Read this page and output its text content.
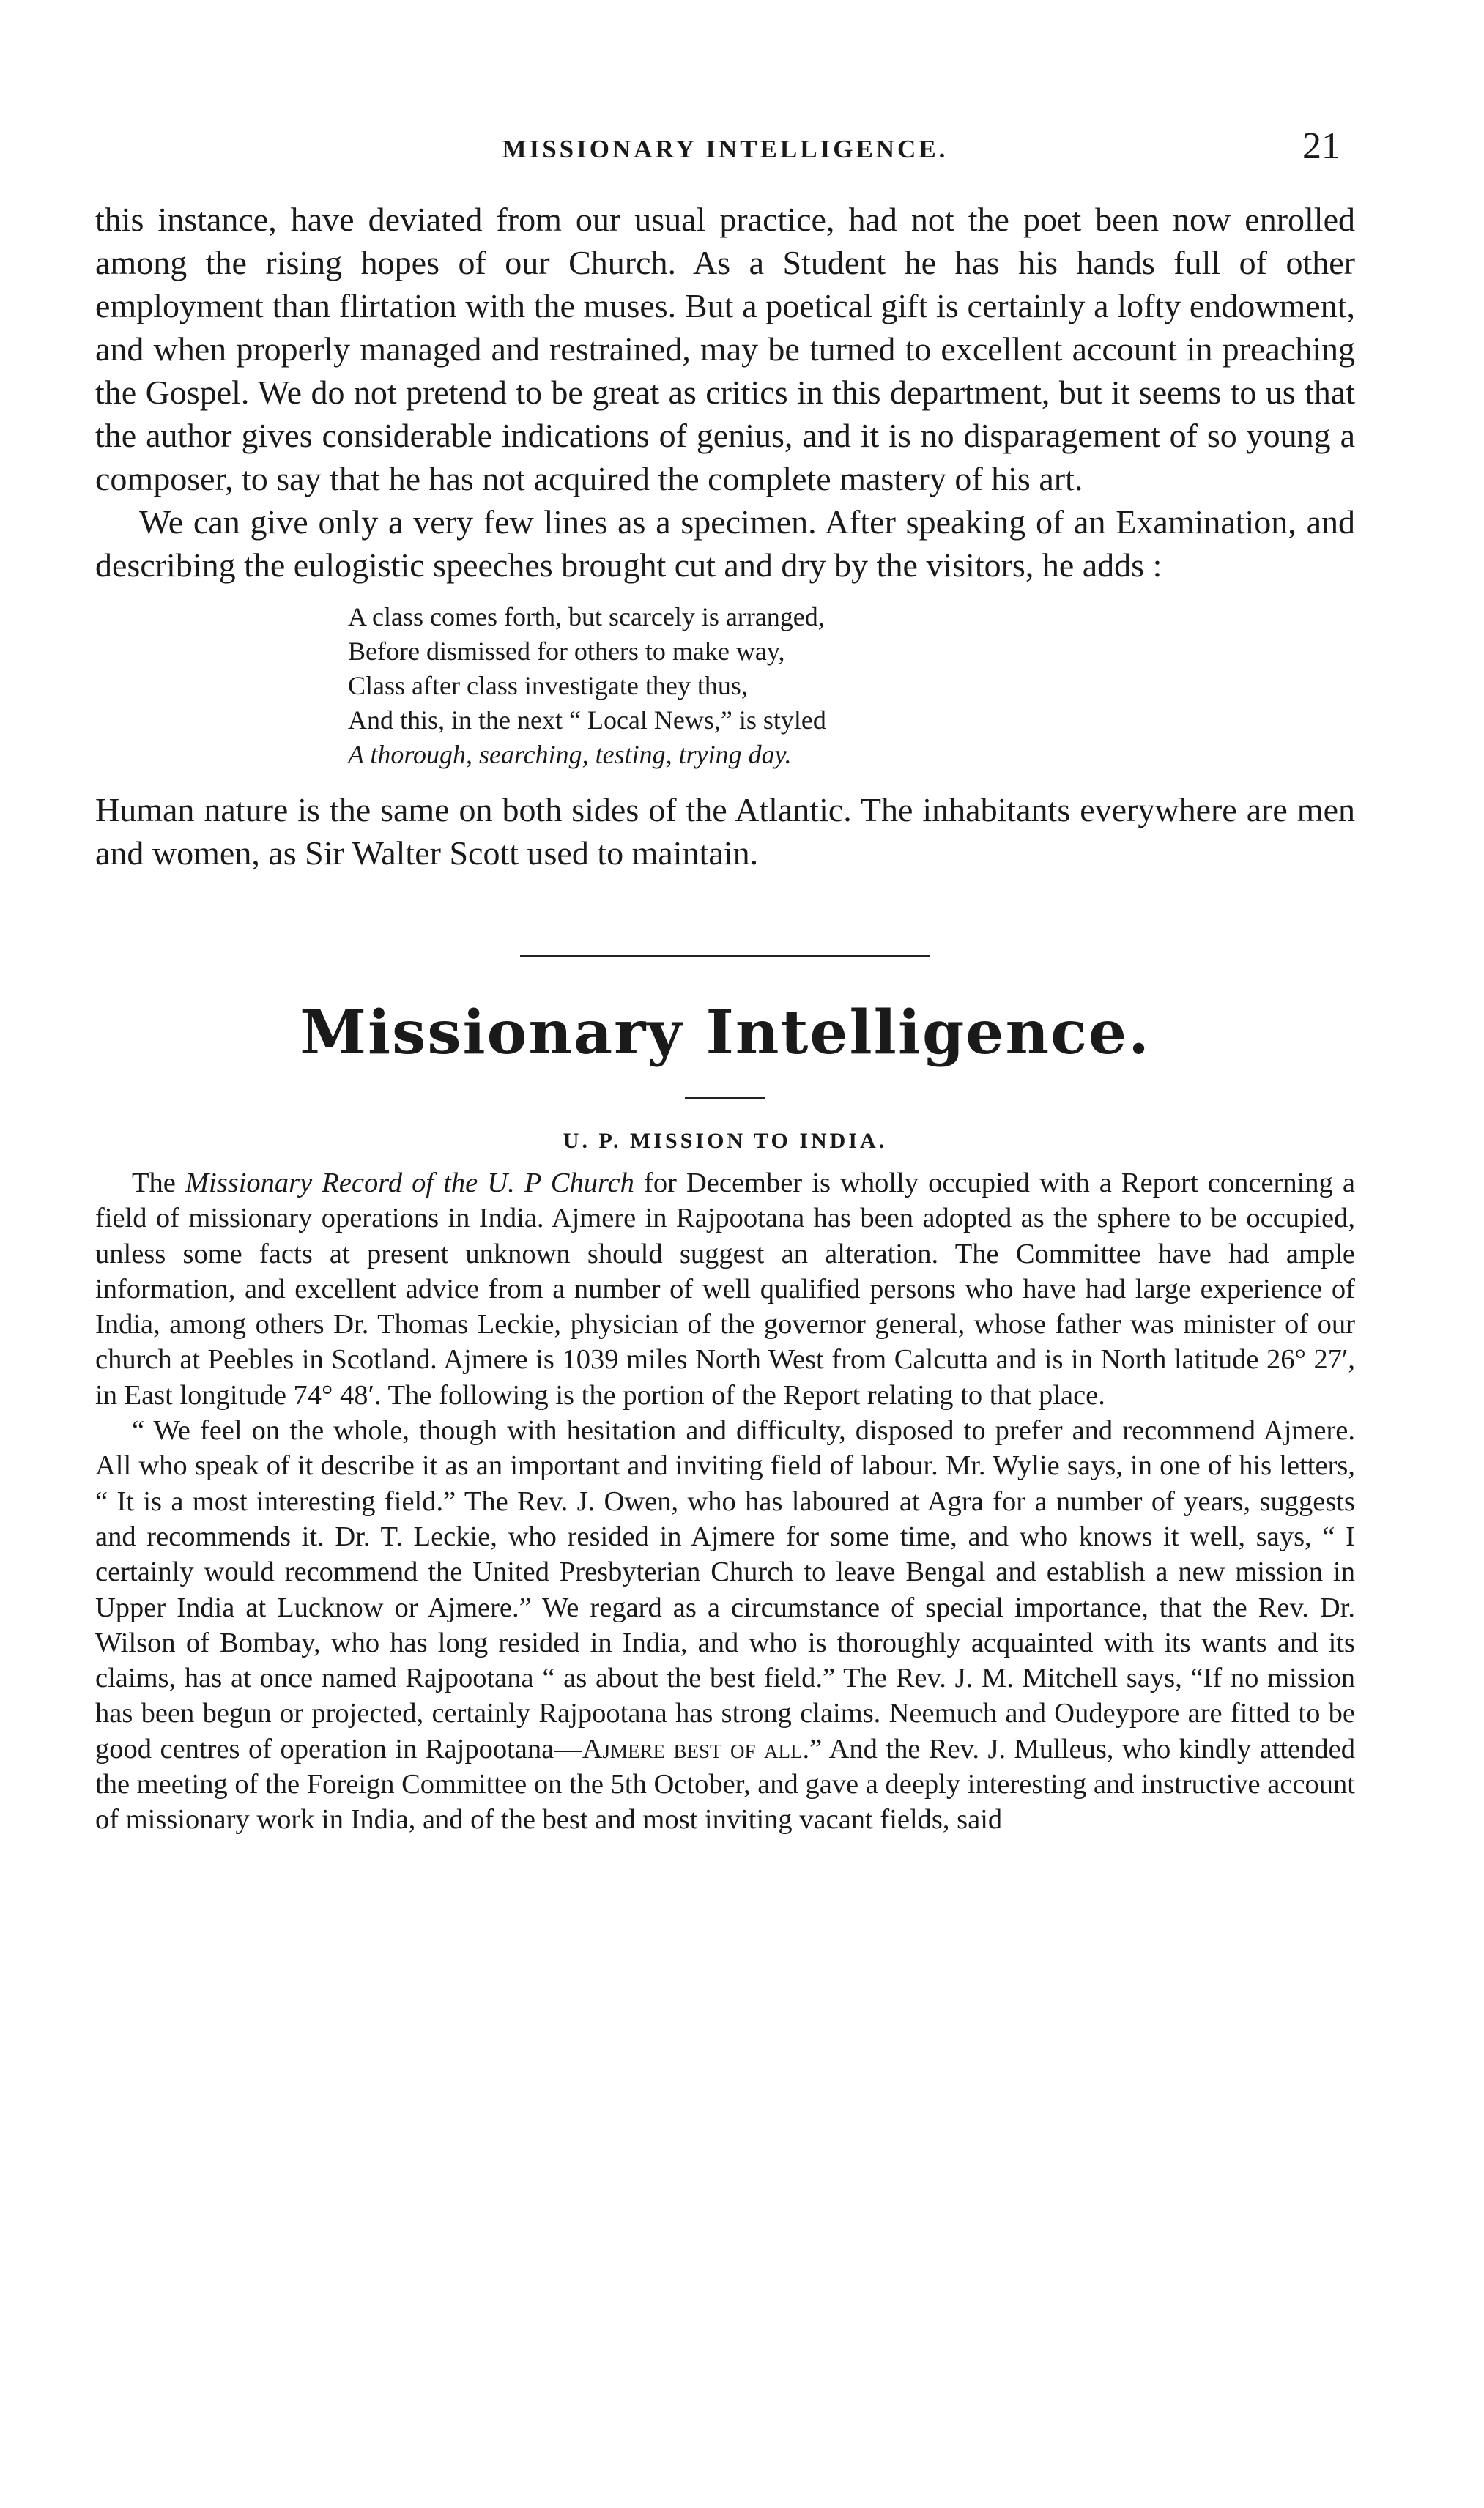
MISSIONARY INTELLIGENCE.	21

this instance, have deviated from our usual practice, had not the poet been now enrolled among the rising hopes of our Church. As a Student he has his hands full of other employment than flirtation with the muses. But a poetical gift is certainly a lofty endowment, and when properly managed and restrained, may be turned to excellent account in preaching the Gospel. We do not pretend to be great as critics in this department, but it seems to us that the author gives considerable indications of genius, and it is no disparagement of so young a composer, to say that he has not acquired the complete mastery of his art.

We can give only a very few lines as a specimen. After speaking of an Examination, and describing the eulogistic speeches brought cut and dry by the visitors, he adds :

A class comes forth, but scarcely is arranged,
Before dismissed for others to make way,
Class after class investigate they thus,
And this, in the next “ Local News,” is styled
A thorough, searching, testing, trying day.

Human nature is the same on both sides of the Atlantic. The inhabitants everywhere are men and women, as Sir Walter Scott used to maintain.

Missionary Intelligence.
U. P. MISSION TO INDIA.

The Missionary Record of the U. P Church for December is wholly occupied with a Report concerning a field of missionary operations in India. Ajmere in Rajpootana has been adopted as the sphere to be occupied, unless some facts at present unknown should suggest an alteration. The Committee have had ample information, and excellent advice from a number of well qualified persons who have had large experience of India, among others Dr. Thomas Leckie, physician of the governor general, whose father was minister of our church at Peebles in Scotland. Ajmere is 1039 miles North West from Calcutta and is in North latitude 26° 27′, in East longitude 74° 48′. The following is the portion of the Report relating to that place.

“ We feel on the whole, though with hesitation and difficulty, disposed to prefer and recommend Ajmere. All who speak of it describe it as an important and inviting field of labour. Mr. Wylie says, in one of his letters, “ It is a most interesting field.” The Rev. J. Owen, who has laboured at Agra for a number of years, suggests and recommends it. Dr. T. Leckie, who resided in Ajmere for some time, and who knows it well, says, “ I certainly would recommend the United Presbyterian Church to leave Bengal and establish a new mission in Upper India at Lucknow or Ajmere.” We regard as a circumstance of special importance, that the Rev. Dr. Wilson of Bombay, who has long resided in India, and who is thoroughly acquainted with its wants and its claims, has at once named Rajpootana “ as about the best field.” The Rev. J. M. Mitchell says, “If no mission has been begun or projected, certainly Rajpootana has strong claims. Neemuch and Oudeypore are fitted to be good centres of operation in Rajpootana—Ajmere best of all.” And the Rev. J. Mulleus, who kindly attended the meeting of the Foreign Committee on the 5th October, and gave a deeply interesting and instructive account of missionary work in India, and of the best and most inviting vacant fields, said
